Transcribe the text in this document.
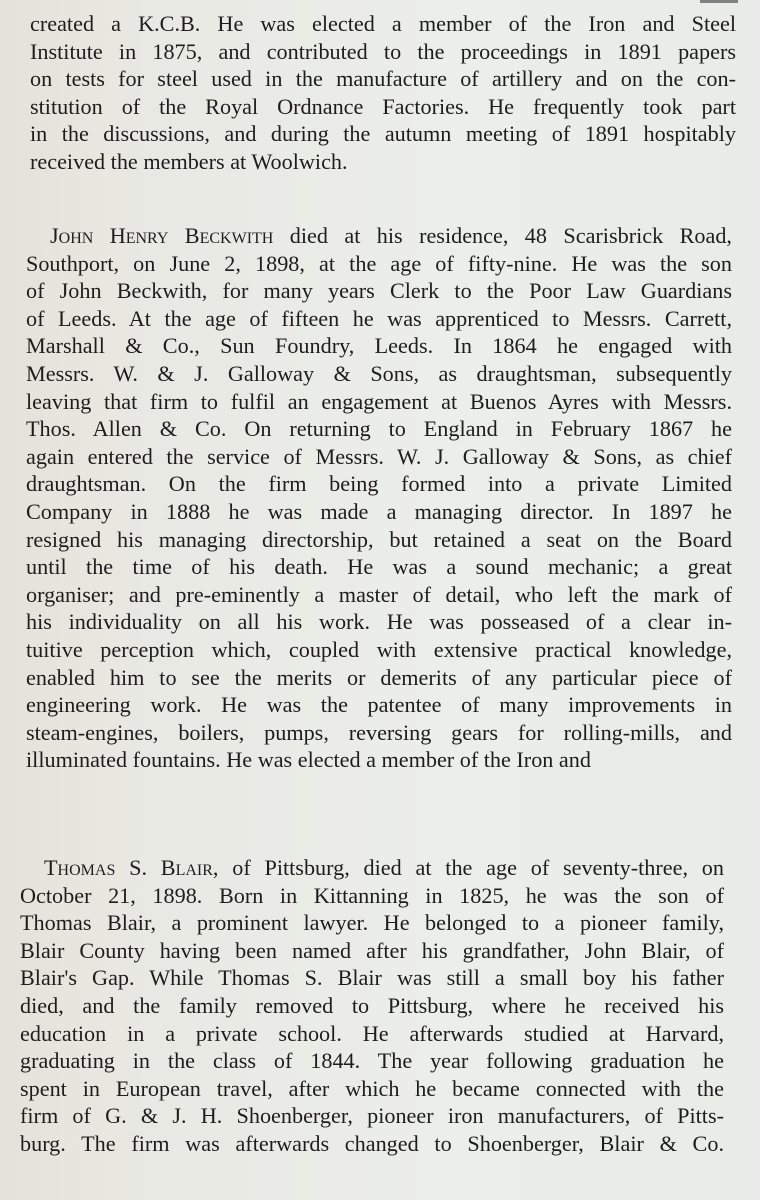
created a K.C.B. He was elected a member of the Iron and Steel
Institute in 1875, and contributed to the proceedings in 1891 papers
on tests for steel used in the manufacture of artillery and on the con-
stitution of the Royal Ordnance Factories. He frequently took part
in the discussions, and during the autumn meeting of 1891 hospitably
received the members at Woolwich.
John Henry Beckwith died at his residence, 48 Scarisbrick Road,
Southport, on June 2, 1898, at the age of fifty-nine. He was the son
of John Beckwith, for many years Clerk to the Poor Law Guardians
of Leeds. At the age of fifteen he was apprenticed to Messrs. Carrett,
Marshall & Co., Sun Foundry, Leeds. In 1864 he engaged with
Messrs. W. & J. Galloway & Sons, as draughtsman, subsequently
leaving that firm to fulfil an engagement at Buenos Ayres with Messrs.
Thos. Allen & Co. On returning to England in February 1867 he
again entered the service of Messrs. W. J. Galloway & Sons, as chief
draughtsman. On the firm being formed into a private Limited
Company in 1888 he was made a managing director. In 1897 he
resigned his managing directorship, but retained a seat on the Board
until the time of his death. He was a sound mechanic; a great
organiser; and pre-eminently a master of detail, who left the mark of
his individuality on all his work. He was posseased of a clear in-
tuitive perception which, coupled with extensive practical knowledge,
enabled him to see the merits or demerits of any particular piece of
engineering work. He was the patentee of many improvements in
steam-engines, boilers, pumps, reversing gears for rolling-mills, and
illuminated fountains. He was elected a member of the Iron and
Thomas S. Blair, of Pittsburg, died at the age of seventy-three, on
October 21, 1898. Born in Kittanning in 1825, he was the son of
Thomas Blair, a prominent lawyer. He belonged to a pioneer family,
Blair County having been named after his grandfather, John Blair, of
Blair's Gap. While Thomas S. Blair was still a small boy his father
died, and the family removed to Pittsburg, where he received his
education in a private school. He afterwards studied at Harvard,
graduating in the class of 1844. The year following graduation he
spent in European travel, after which he became connected with the
firm of G. & J. H. Shoenberger, pioneer iron manufacturers, of Pitts-
burg. The firm was afterwards changed to Shoenberger, Blair & Co.
